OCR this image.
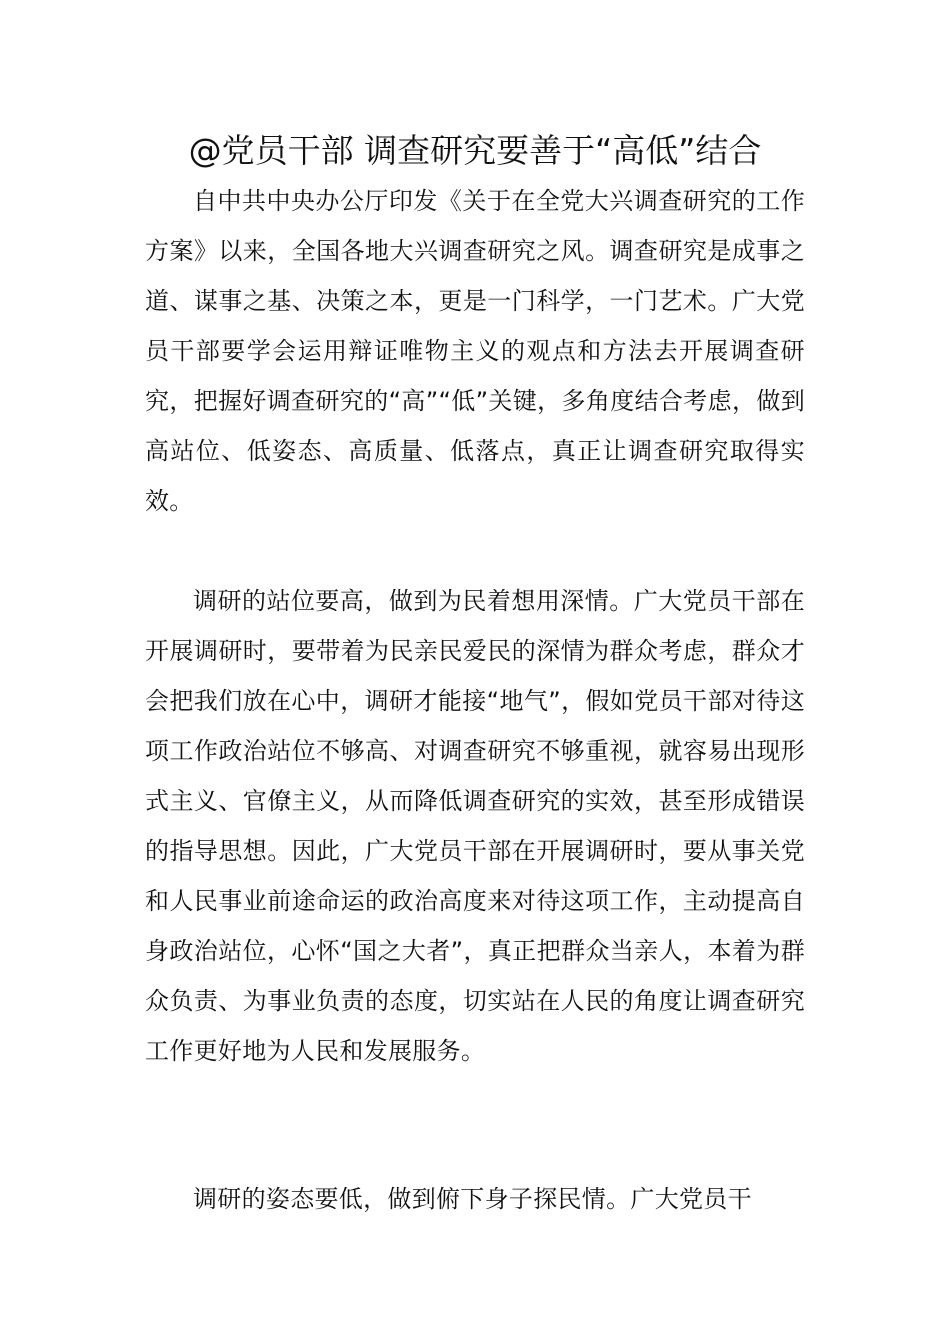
@党员干部 调查研究要善于“高低”结合
自中共中央办公厅印发《关于在全党大兴调查研究的工作方案》以来，全国各地大兴调查研究之风。调查研究是成事之道、谋事之基、决策之本，更是一门科学，一门艺术。广大党员干部要学会运用辩证唯物主义的观点和方法去开展调查研究，把握好调查研究的“高”“低”关键，多角度结合考虑，做到高站位、低姿态、高质量、低落点，真正让调查研究取得实效。
调研的站位要高，做到为民着想用深情。广大党员干部在开展调研时，要带着为民亲民爱民的深情为群众考虑，群众才会把我们放在心中，调研才能接“地气”，假如党员干部对待这项工作政治站位不够高、对调查研究不够重视，就容易出现形式主义、官僚主义，从而降低调查研究的实效，甚至形成错误的指导思想。因此，广大党员干部在开展调研时，要从事关党和人民事业前途命运的政治高度来对待这项工作，主动提高自身政治站位，心怀“国之大者”，真正把群众当亲人，本着为群众负责、为事业负责的态度，切实站在人民的角度让调查研究工作更好地为人民和发展服务。
调研的姿态要低，做到俯下身子探民情。广大党员干
